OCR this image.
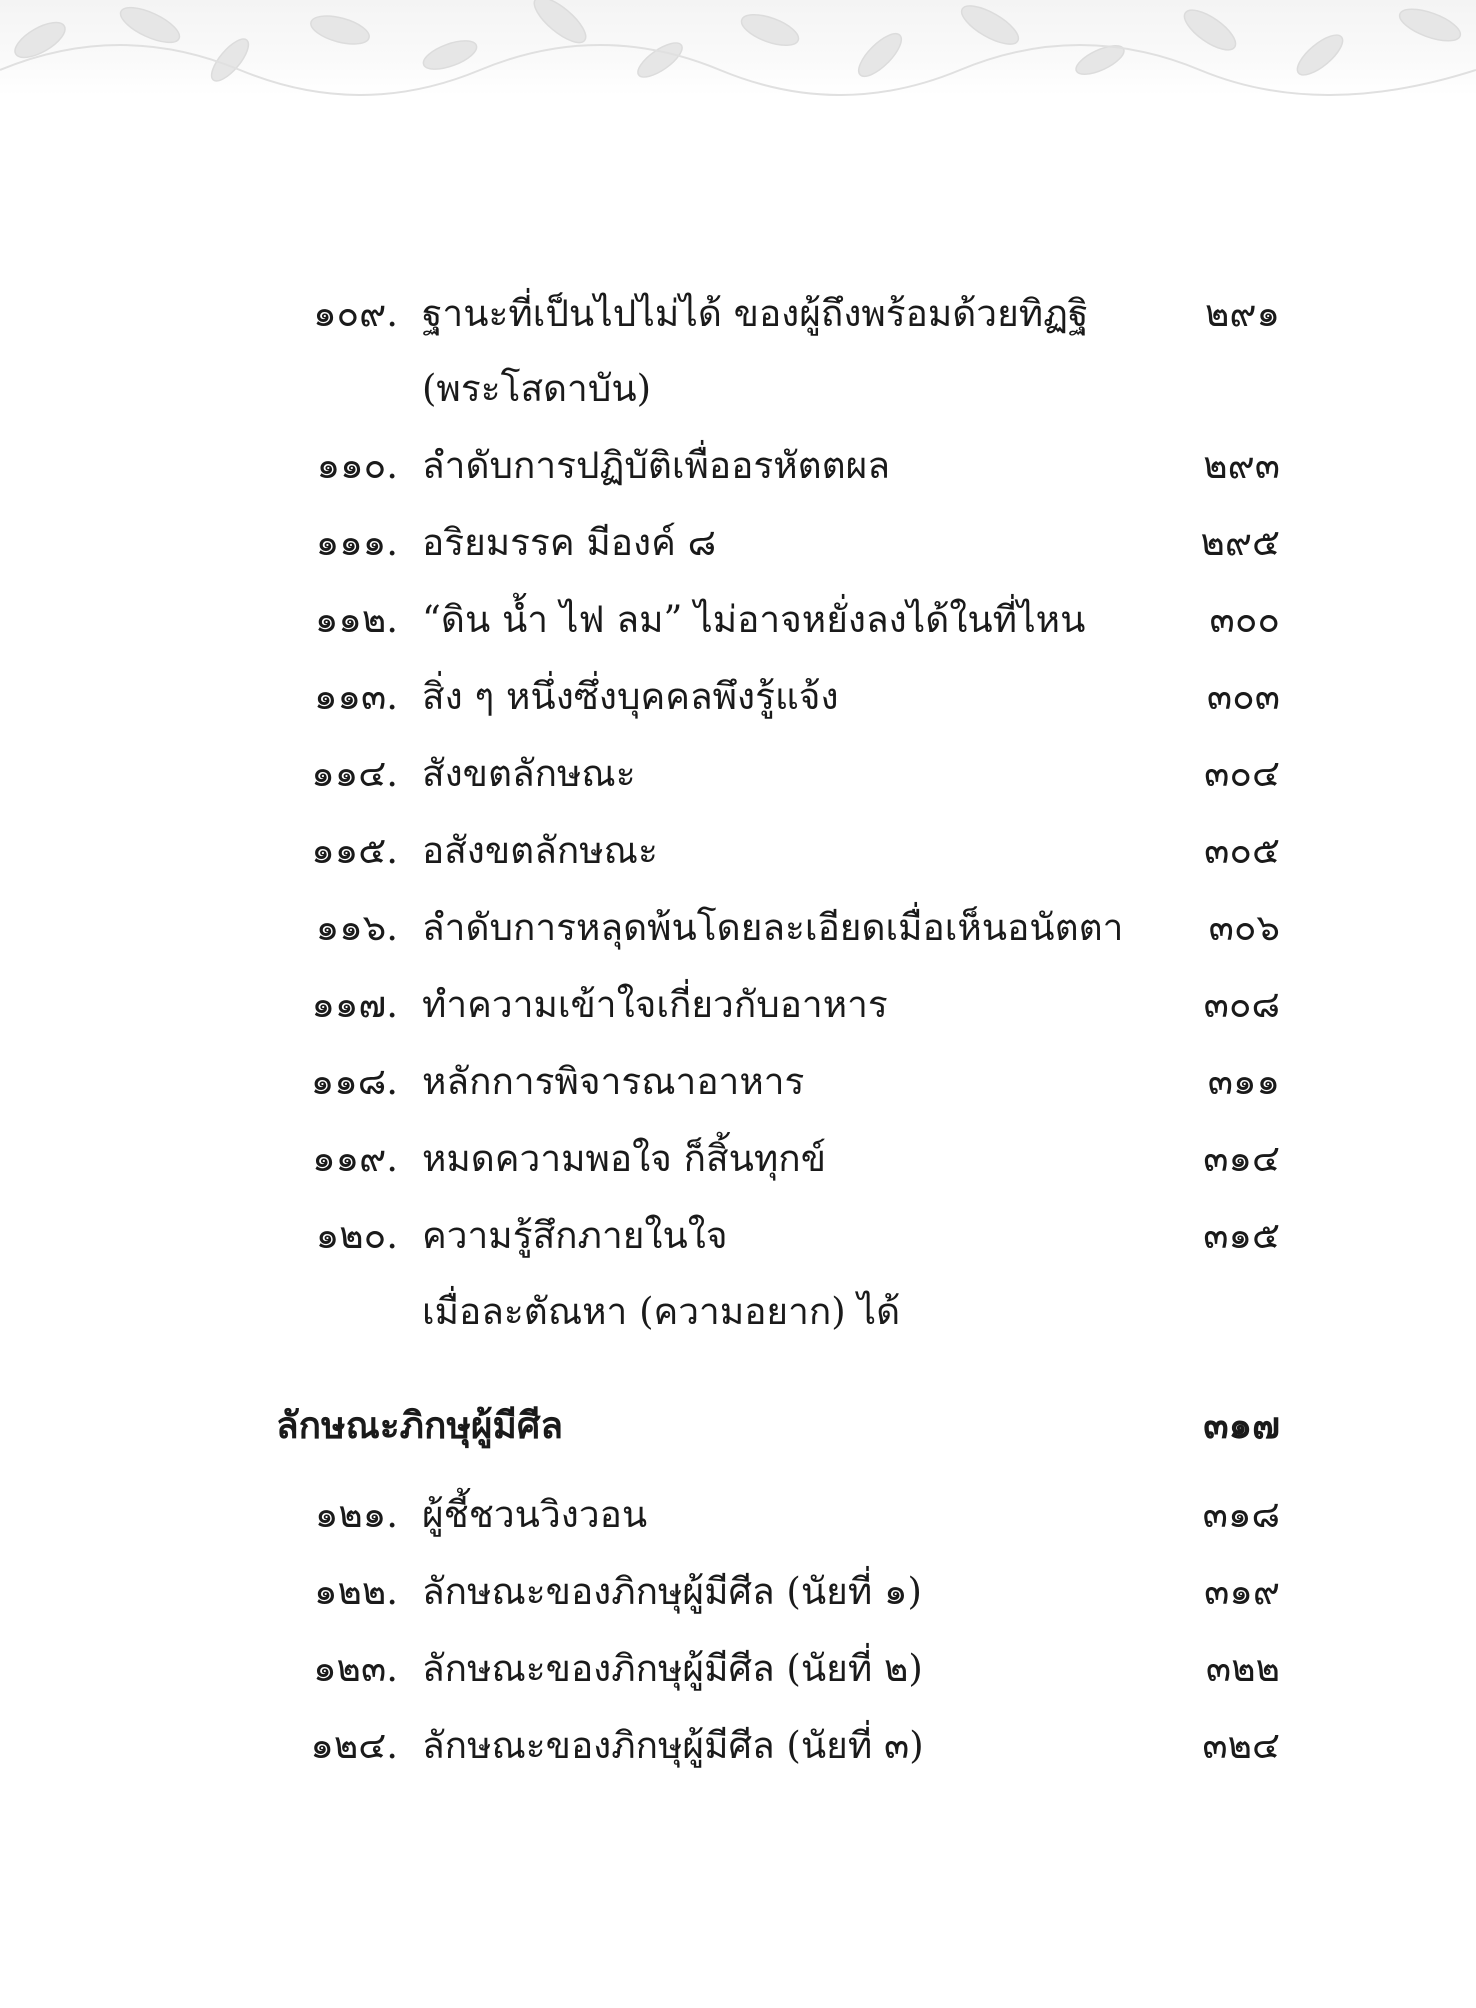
๑๐๙. ฐานะที่เป็นไปไม่ได้ ของผู้ถึงพร้อมด้วยทิฏฐิ	๒๙๑
(พระโสดาบัน)
๑๑๐. ลำดับการปฏิบัติเพื่ออรหัตตผล	๒๙๓
๑๑๑. อริยมรรค มีองค์ ๘	๒๙๕
๑๑๒. “ดิน น้ำ ไฟ ลม” ไม่อาจหยั่งลงได้ในที่ไหน	๓๐๐
๑๑๓. สิ่ง ๆ หนึ่งซึ่งบุคคลพึงรู้แจ้ง	๓๐๓
๑๑๔. สังขตลักษณะ	๓๐๔
๑๑๕. อสังขตลักษณะ	๓๐๕
๑๑๖. ลำดับการหลุดพ้นโดยละเอียดเมื่อเห็นอนัตตา	๓๐๖
๑๑๗. ทำความเข้าใจเกี่ยวกับอาหาร	๓๐๘
๑๑๘. หลักการพิจารณาอาหาร	๓๑๑
๑๑๙. หมดความพอใจ ก็สิ้นทุกข์	๓๑๔
๑๒๐. ความรู้สึกภายในใจ	๓๑๕
เมื่อละตัณหา (ความอยาก) ได้
ลักษณะภิกษุผู้มีศีล	๓๑๗
๑๒๑. ผู้ชี้ชวนวิงวอน	๓๑๘
๑๒๒. ลักษณะของภิกษุผู้มีศีล (นัยที่ ๑)	๓๑๙
๑๒๓. ลักษณะของภิกษุผู้มีศีล (นัยที่ ๒)	๓๒๒
๑๒๔. ลักษณะของภิกษุผู้มีศีล (นัยที่ ๓)	๓๒๔
